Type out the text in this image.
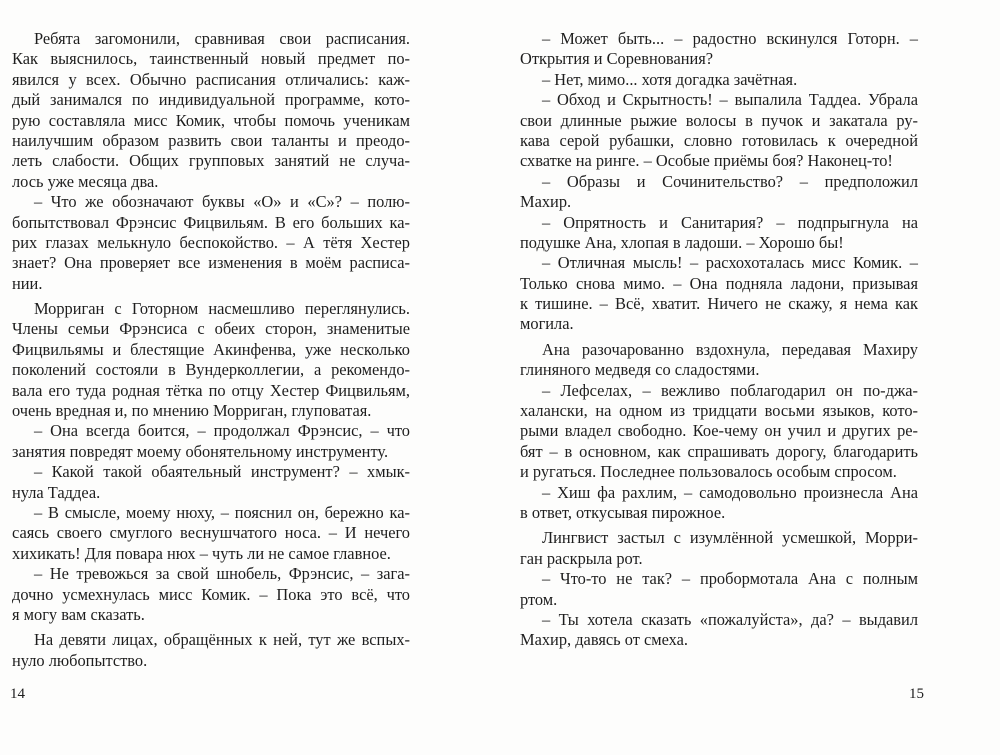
Ребята загомонили, сравнивая свои расписания.
Как выяснилось, таинственный новый предмет по-
явился у всех. Обычно расписания отличались: каж-
дый занимался по индивидуальной программе, кото-
рую составляла мисс Комик, чтобы помочь ученикам
наилучшим образом развить свои таланты и преодо-
леть слабости. Общих групповых занятий не случа-
лось уже месяца два.
– Что же обозначают буквы «О» и «С»? – полю-
бопытствовал Фрэнсис Фицвильям. В его больших ка-
рих глазах мелькнуло беспокойство. – А тётя Хестер
знает? Она проверяет все изменения в моём расписа-
нии.
Морриган с Готорном насмешливо переглянулись.
Члены семьи Фрэнсиса с обеих сторон, знаменитые
Фицвильямы и блестящие Акинфенва, уже несколько
поколений состояли в Вундерколлегии, а рекомендо-
вала его туда родная тётка по отцу Хестер Фицвильям,
очень вредная и, по мнению Морриган, глуповатая.
– Она всегда боится, – продолжал Фрэнсис, – что
занятия повредят моему обонятельному инструменту.
– Какой такой обаятельный инструмент? – хмык-
нула Таддеа.
– В смысле, моему нюху, – пояснил он, бережно ка-
саясь своего смуглого веснушчатого носа. – И нечего
хихикать! Для повара нюх – чуть ли не самое главное.
– Не тревожься за свой шнобель, Фрэнсис, – зага-
дочно усмехнулась мисс Комик. – Пока это всё, что
я могу вам сказать.
На девяти лицах, обращённых к ней, тут же вспых-
нуло любопытство.
– Может быть... – радостно вскинулся Готорн. –
Открытия и Соревнования?
– Нет, мимо... хотя догадка зачётная.
– Обход и Скрытность! – выпалила Таддеа. Убрала
свои длинные рыжие волосы в пучок и закатала ру-
кава серой рубашки, словно готовилась к очередной
схватке на ринге. – Особые приёмы боя? Наконец-то!
– Образы и Сочинительство? – предположил
Махир.
– Опрятность и Санитария? – подпрыгнула на
подушке Ана, хлопая в ладоши. – Хорошо бы!
– Отличная мысль! – расхохоталась мисс Комик. –
Только снова мимо. – Она подняла ладони, призывая
к тишине. – Всё, хватит. Ничего не скажу, я нема как
могила.
Ана разочарованно вздохнула, передавая Махиру
глиняного медведя со сладостями.
– Лефселах, – вежливо поблагодарил он по-джа-
халански, на одном из тридцати восьми языков, кото-
рыми владел свободно. Кое-чему он учил и других ре-
бят – в основном, как спрашивать дорогу, благодарить
и ругаться. Последнее пользовалось особым спросом.
– Хиш фа рахлим, – самодовольно произнесла Ана
в ответ, откусывая пирожное.
Лингвист застыл с изумлённой усмешкой, Морри-
ган раскрыла рот.
– Что-то не так? – пробормотала Ана с полным
ртом.
– Ты хотела сказать «пожалуйста», да? – выдавил
Махир, давясь от смеха.
14	15
